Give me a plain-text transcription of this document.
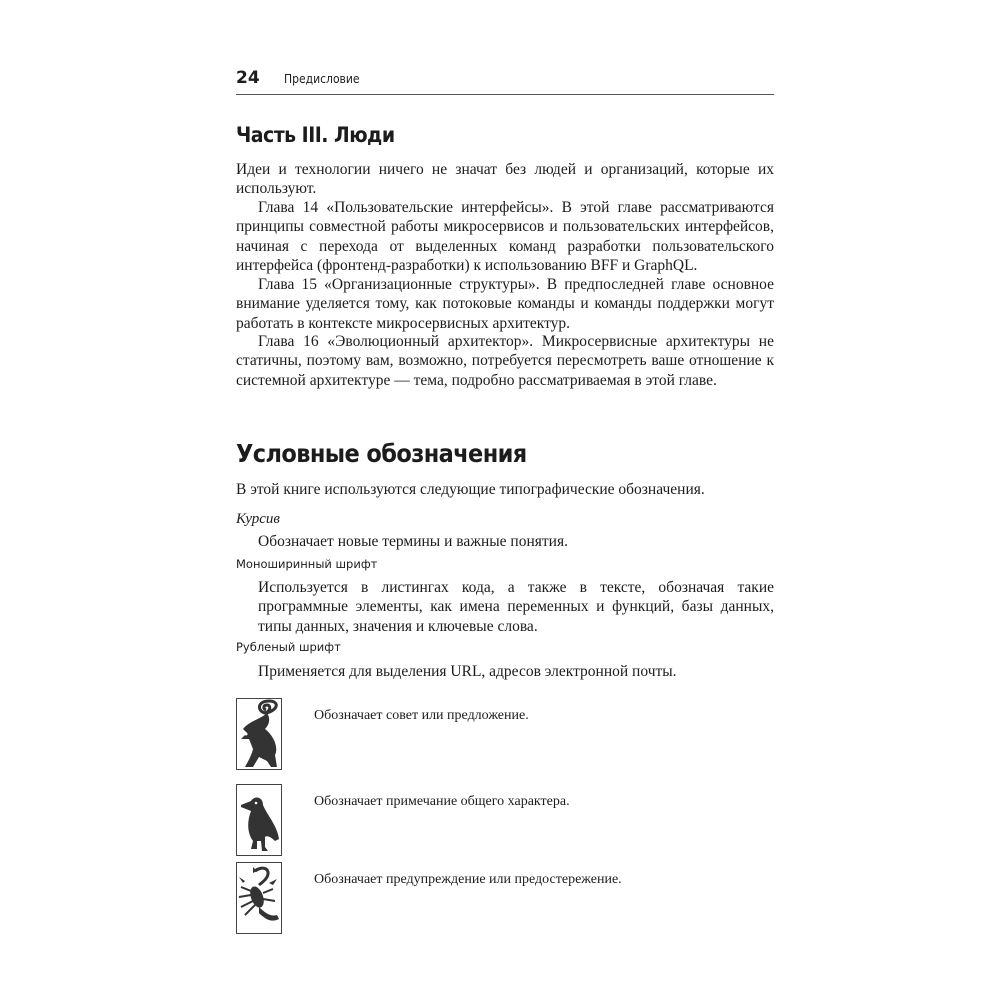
24 Предисловие
Часть III. Люди

Идеи и технологии ничего не значат без людей и организаций, которые их используют.

Глава 14 «Пользовательские интерфейсы». В этой главе рассматриваются принципы совместной работы микросервисов и пользовательских интерфейсов, начиная с перехода от выделенных команд разработки пользовательского интерфейса (фронтенд-разработки) к использованию BFF и GraphQL.

Глава 15 «Организационные структуры». В предпоследней главе основное внимание уделяется тому, как потоковые команды и команды поддержки могут работать в контексте микросервисных архитектур.

Глава 16 «Эволюционный архитектор». Микросервисные архитектуры не статичны, поэтому вам, возможно, потребуется пересмотреть ваше отношение к системной архитектуре — тема, подробно рассматриваемая в этой главе.

Условные обозначения
В этой книге используются следующие типографические обозначения.
Курсив

Обозначает новые термины и важные понятия.

Моноширинный шрифт

Используется в листингах кода, а также в тексте, обозначая такие программные элементы, как имена переменных и функций, базы данных, типы данных, значения и ключевые слова.

Рубленый шрифт

Применяется для выделения URL, адресов электронной почты.

Обозначает совет или предложение.
Обозначает примечание общего характера.
Обозначает предупреждение или предостережение.
